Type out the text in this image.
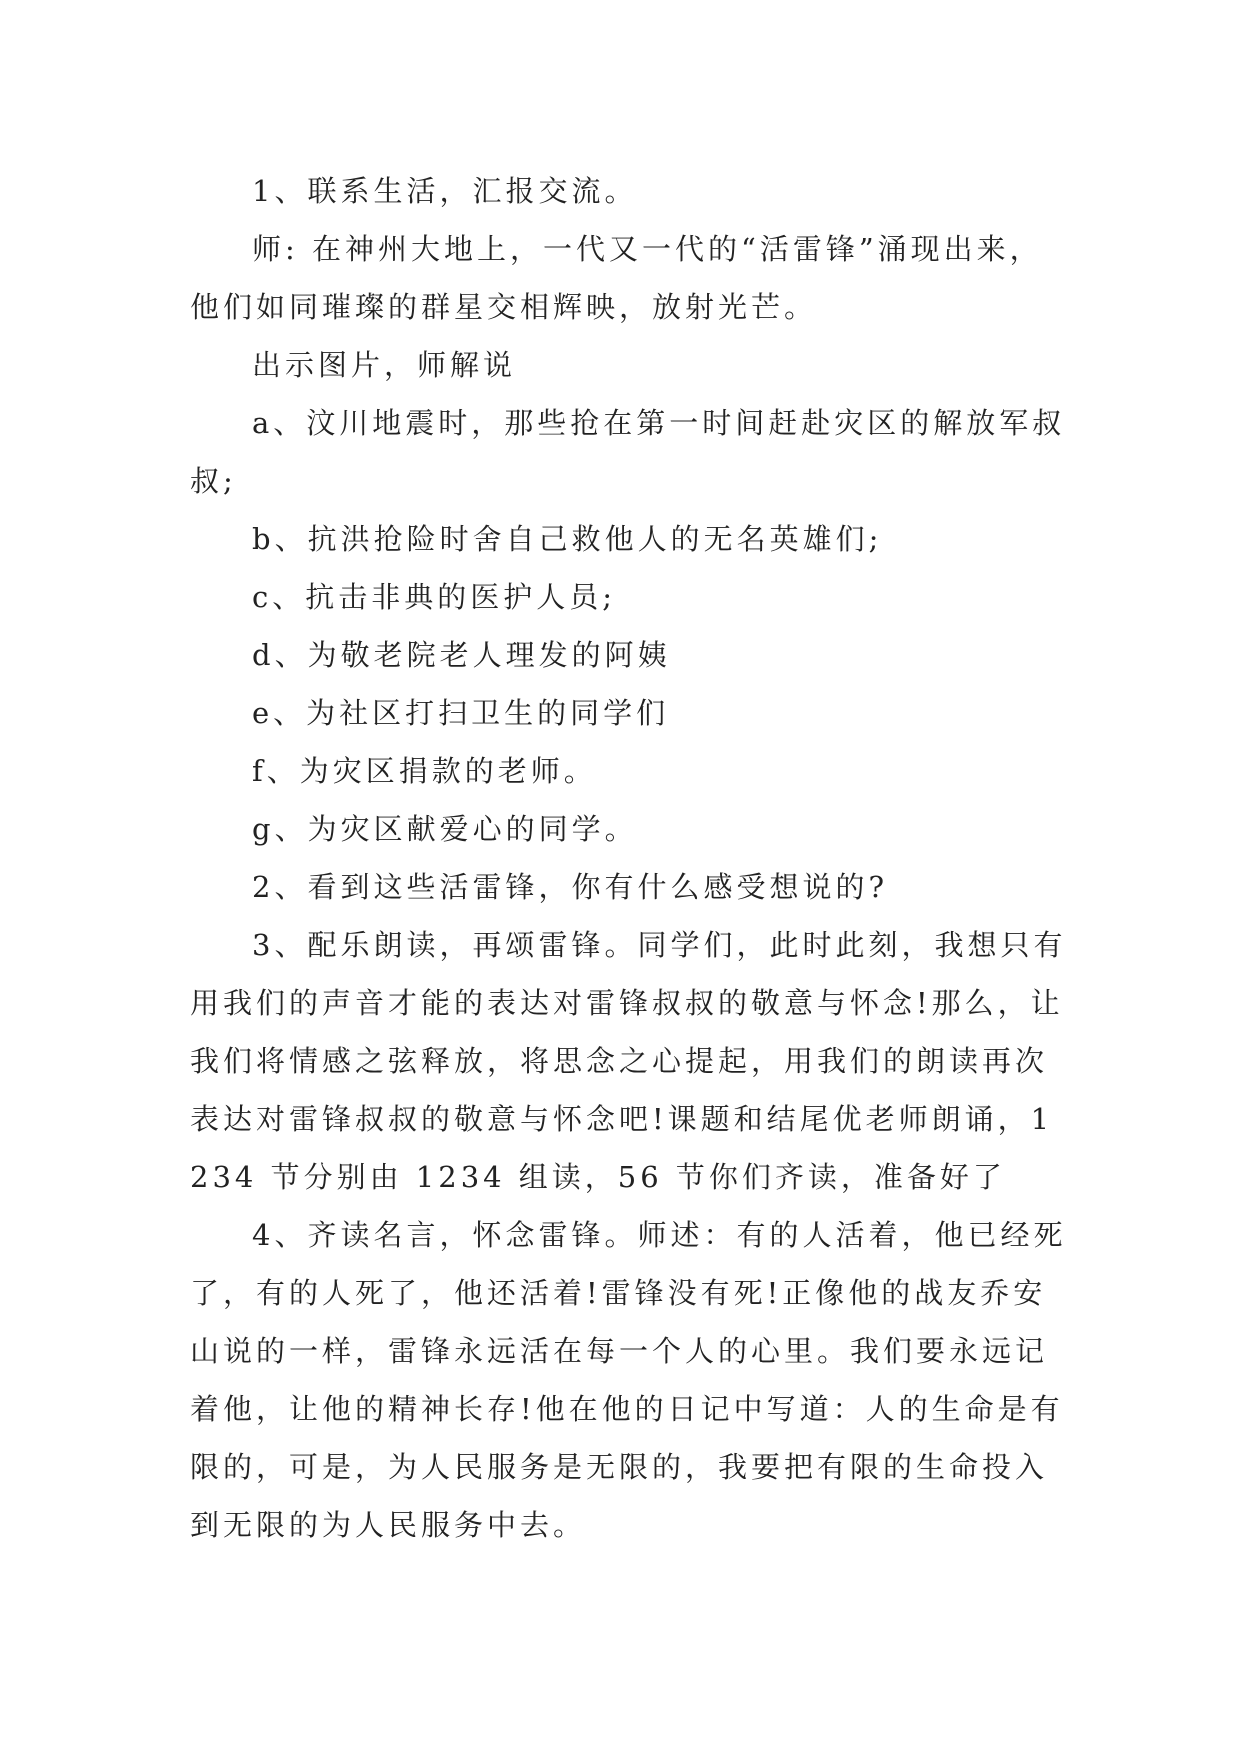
1、联系生活，汇报交流。

师: 在神州大地上，一代又一代的“活雷锋”涌现出来，他们如同璀璨的群星交相辉映，放射光芒。

出示图片，师解说

a、汶川地震时，那些抢在第一时间赶赴灾区的解放军叔叔;

b、抗洪抢险时舍自己救他人的无名英雄们;

c、抗击非典的医护人员;

d、为敬老院老人理发的阿姨

e、为社区打扫卫生的同学们

f、为灾区捐款的老师。

g、为灾区献爱心的同学。

2、看到这些活雷锋，你有什么感受想说的?

3、配乐朗读，再颂雷锋。同学们，此时此刻，我想只有用我们的声音才能的表达对雷锋叔叔的敬意与怀念!那么，让我们将情感之弦释放，将思念之心提起，用我们的朗读再次表达对雷锋叔叔的敬意与怀念吧!课题和结尾优老师朗诵，1234 节分别由 1234 组读，56 节你们齐读，准备好了

4、齐读名言，怀念雷锋。师述：有的人活着，他已经死了，有的人死了，他还活着!雷锋没有死!正像他的战友乔安山说的一样，雷锋永远活在每一个人的心里。我们要永远记着他，让他的精神长存!他在他的日记中写道：人的生命是有限的，可是，为人民服务是无限的，我要把有限的生命投入到无限的为人民服务中去。
